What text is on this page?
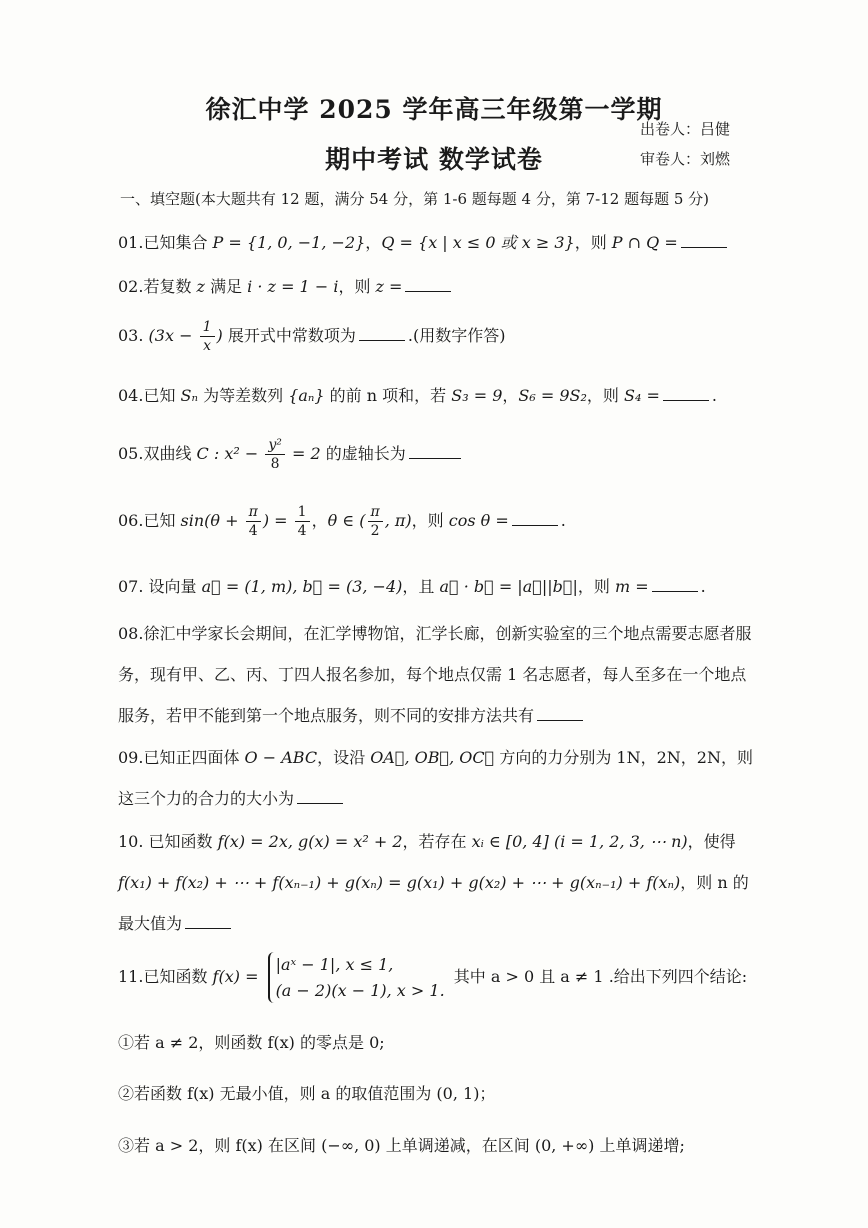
徐汇中学 2025 学年高三年级第一学期
期中考试 数学试卷
出卷人：吕健
审卷人：刘燃
一、填空题(本大题共有 12 题，满分 54 分，第 1-6 题每题 4 分，第 7-12 题每题 5 分)
01.已知集合 P = {1, 0, −1, −2}，Q = {x | x ≤ 0 或 x ≥ 3}，则 P ∩ Q =
02.若复数 z 满足 i · z = 1 − i，则 z =
03. ($3x - \frac{1}{x}$ ) 展开式中常数项为	.(用数字作答)
04.已知 Sₙ 为等差数列 {aₙ} 的前 n 项和，若 S₃ = 9，S₆ = 9S₂，则 S₄ =	.
05.双曲线 C : $x^2 - \frac{\text{y²}}{8} = 2$ 的虚轴长为
06.已知 $\sin(\theta + \frac{\pi}{4}$ ) = $\frac{1}{4}$ ，θ ∈ ( $\frac{\pi}{2}$ , π)，则 cos θ =	.
07. 设向量 a⃗ = (1, m), b⃗ = (3, −4)，且 a⃗ · b⃗ = |a⃗||b⃗|，则 m =	.
08.徐汇中学家长会期间，在汇学博物馆，汇学长廊，创新实验室的三个地点需要志愿者服务，现有甲、乙、丙、丁四人报名参加，每个地点仅需 1 名志愿者，每人至多在一个地点服务，若甲不能到第一个地点服务，则不同的安排方法共有
09.已知正四面体 O − ABC，设沿 OA⃗, OB⃗, OC⃗ 方向的力分别为 1N，2N，2N，则这三个力的合力的大小为
10. 已知函数 f(x) = 2x, g(x) = x² + 2，若存在 xᵢ ∈ [0, 4] (i = 1, 2, 3, ⋯ n)，使得
f(x₁) + f(x₂) + ⋯ + f(xₙ₋₁) + g(xₙ) = g(x₁) + g(x₂) + ⋯ + g(xₙ₋₁) + f(xₙ)，则 n 的最大值为
11.已知函数 f(x) =
|aˣ − 1|, x ≤ 1,
(a − 2)(x − 1), x > 1.
其中 a > 0 且 a ≠ 1 .给出下列四个结论:
①若 a ≠ 2，则函数 f(x) 的零点是 0;
②若函数 f(x) 无最小值，则 a 的取值范围为 (0, 1)；
③若 a > 2，则 f(x) 在区间 (−∞, 0) 上单调递减，在区间 (0, +∞) 上单调递增;
